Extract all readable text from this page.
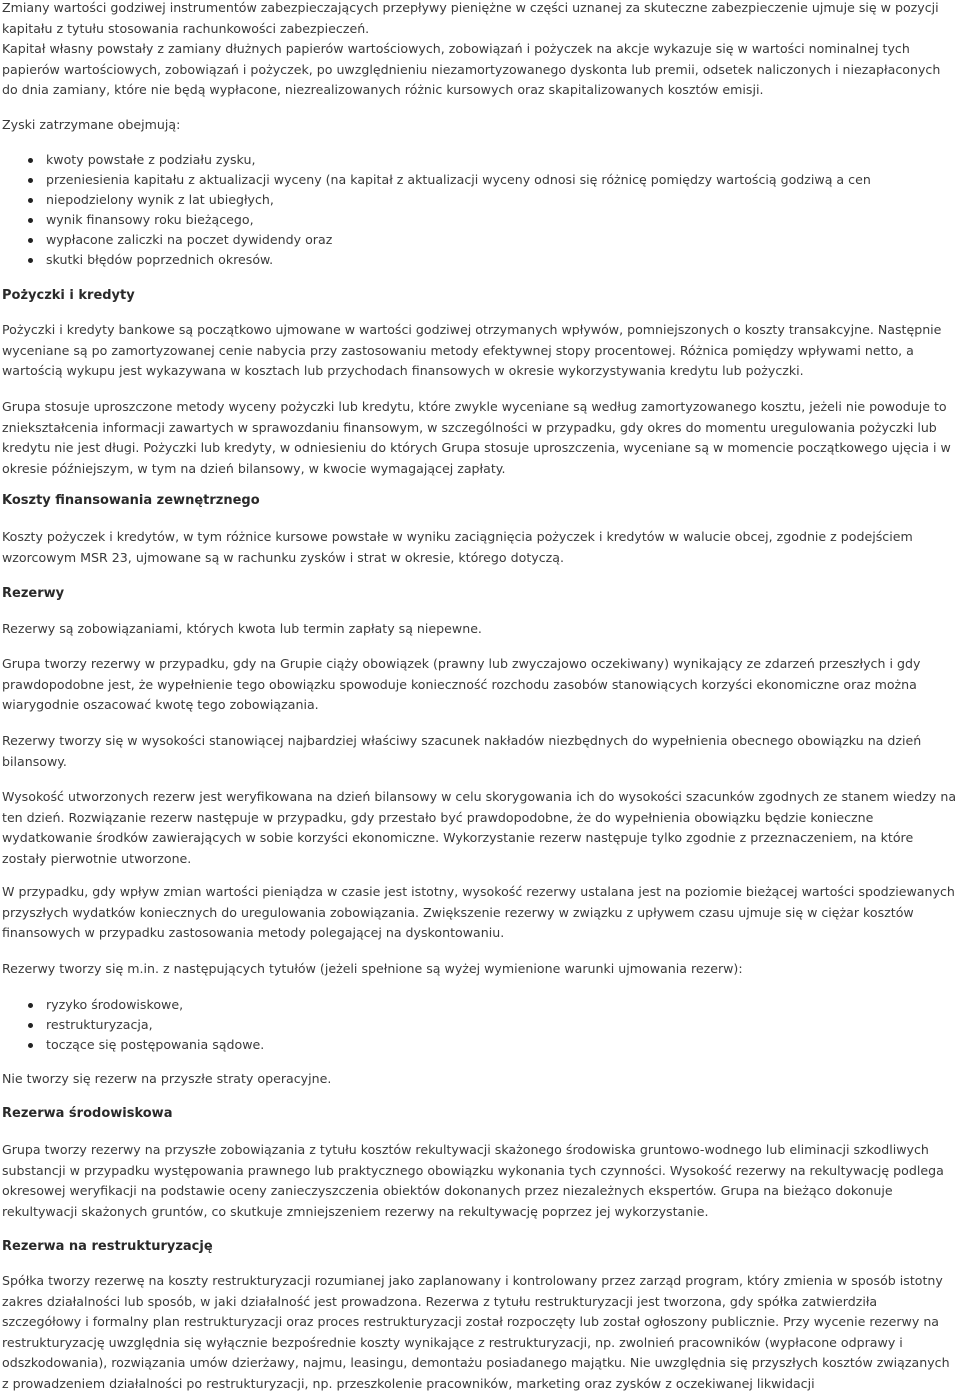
Zmiany wartości godziwej instrumentów zabezpieczających przepływy pieniężne w części uznanej za skuteczne zabezpieczenie ujmuje się w pozycji kapitału z tytułu stosowania rachunkowości zabezpieczeń.

Kapitał własny powstały z zamiany dłużnych papierów wartościowych, zobowiązań i pożyczek na akcje wykazuje się w wartości nominalnej tych papierów wartościowych, zobowiązań i pożyczek, po uwzględnieniu niezamortyzowanego dyskonta lub premii, odsetek naliczonych i niezapłaconych do dnia zamiany, które nie będą wypłacone, niezrealizowanych różnic kursowych oraz skapitalizowanych kosztów emisji.

Zyski zatrzymane obejmują:

kwoty powstałe z podziału zysku,
przeniesienia kapitału z aktualizacji wyceny (na kapitał z aktualizacji wyceny odnosi się różnicę pomiędzy wartością godziwą a cen
niepodzielony wynik z lat ubiegłych,
wynik finansowy roku bieżącego,
wypłacone zaliczki na poczet dywidendy oraz
skutki błędów poprzednich okresów.
Pożyczki i kredyty

Pożyczki i kredyty bankowe są początkowo ujmowane w wartości godziwej otrzymanych wpływów, pomniejszonych o koszty transakcyjne. Następnie wyceniane są po zamortyzowanej cenie nabycia przy zastosowaniu metody efektywnej stopy procentowej. Różnica pomiędzy wpływami netto, a wartością wykupu jest wykazywana w kosztach lub przychodach finansowych w okresie wykorzystywania kredytu lub pożyczki.

Grupa stosuje uproszczone metody wyceny pożyczki lub kredytu, które zwykle wyceniane są według zamortyzowanego kosztu, jeżeli nie powoduje to zniekształcenia informacji zawartych w sprawozdaniu finansowym, w szczególności w przypadku, gdy okres do momentu uregulowania pożyczki lub kredytu nie jest długi. Pożyczki lub kredyty, w odniesieniu do których Grupa stosuje uproszczenia, wyceniane są w momencie początkowego ujęcia i w okresie późniejszym, w tym na dzień bilansowy, w kwocie wymagającej zapłaty.

Koszty finansowania zewnętrznego

Koszty pożyczek i kredytów, w tym różnice kursowe powstałe w wyniku zaciągnięcia pożyczek i kredytów w walucie obcej, zgodnie z podejściem wzorcowym MSR 23, ujmowane są w rachunku zysków i strat w okresie, którego dotyczą.

Rezerwy

Rezerwy są zobowiązaniami, których kwota lub termin zapłaty są niepewne.

Grupa tworzy rezerwy w przypadku, gdy na Grupie ciąży obowiązek (prawny lub zwyczajowo oczekiwany) wynikający ze zdarzeń przeszłych i gdy prawdopodobne jest, że wypełnienie tego obowiązku spowoduje konieczność rozchodu zasobów stanowiących korzyści ekonomiczne oraz można wiarygodnie oszacować kwotę tego zobowiązania.

Rezerwy tworzy się w wysokości stanowiącej najbardziej właściwy szacunek nakładów niezbędnych do wypełnienia obecnego obowiązku na dzień bilansowy.

Wysokość utworzonych rezerw jest weryfikowana na dzień bilansowy w celu skorygowania ich do wysokości szacunków zgodnych ze stanem wiedzy na ten dzień. Rozwiązanie rezerw następuje w przypadku, gdy przestało być prawdopodobne, że do wypełnienia obowiązku będzie konieczne wydatkowanie środków zawierających w sobie korzyści ekonomiczne. Wykorzystanie rezerw następuje tylko zgodnie z przeznaczeniem, na które zostały pierwotnie utworzone.

W przypadku, gdy wpływ zmian wartości pieniądza w czasie jest istotny, wysokość rezerwy ustalana jest na poziomie bieżącej wartości spodziewanych przyszłych wydatków koniecznych do uregulowania zobowiązania. Zwiększenie rezerwy w związku z upływem czasu ujmuje się w ciężar kosztów finansowych w przypadku zastosowania metody polegającej na dyskontowaniu.

Rezerwy tworzy się m.in. z następujących tytułów (jeżeli spełnione są wyżej wymienione warunki ujmowania rezerw):

ryzyko środowiskowe,
restrukturyzacja,
toczące się postępowania sądowe.

Nie tworzy się rezerw na przyszłe straty operacyjne.

Rezerwa środowiskowa

Grupa tworzy rezerwy na przyszłe zobowiązania z tytułu kosztów rekultywacji skażonego środowiska gruntowo-wodnego lub eliminacji szkodliwych substancji w przypadku występowania prawnego lub praktycznego obowiązku wykonania tych czynności. Wysokość rezerwy na rekultywację podlega okresowej weryfikacji na podstawie oceny zanieczyszczenia obiektów dokonanych przez niezależnych ekspertów. Grupa na bieżąco dokonuje rekultywacji skażonych gruntów, co skutkuje zmniejszeniem rezerwy na rekultywację poprzez jej wykorzystanie.

Rezerwa na restrukturyzację

Spółka tworzy rezerwę na koszty restrukturyzacji rozumianej jako zaplanowany i kontrolowany przez zarząd program, który zmienia w sposób istotny zakres działalności lub sposób, w jaki działalność jest prowadzona. Rezerwa z tytułu restrukturyzacji jest tworzona, gdy spółka zatwierdziła szczegółowy i formalny plan restrukturyzacji oraz proces restrukturyzacji został rozpoczęty lub został ogłoszony publicznie. Przy wycenie rezerwy na restrukturyzację uwzględnia się wyłącznie bezpośrednie koszty wynikające z restrukturyzacji, np. zwolnień pracowników (wypłacone odprawy i odszkodowania), rozwiązania umów dzierżawy, najmu, leasingu, demontażu posiadanego majątku. Nie uwzględnia się przyszłych kosztów związanych z prowadzeniem działalności po restrukturyzacji, np. przeszkolenie pracowników, marketing oraz zysków z oczekiwanej likwidacji
